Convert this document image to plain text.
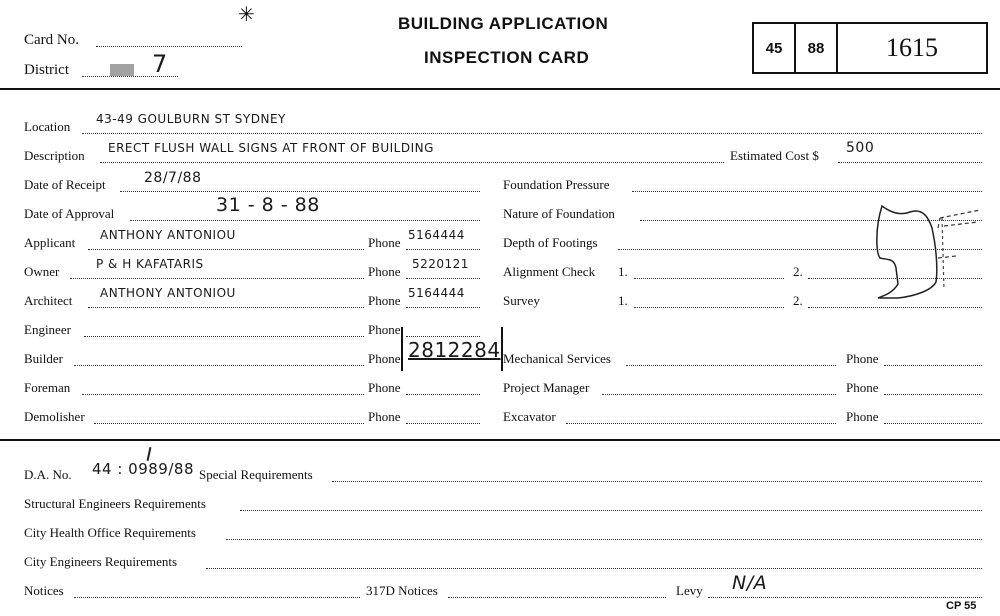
✳
Card No.
District	7
BUILDING APPLICATION
INSPECTION CARD	45	88	1615
Location 43-49 GOULBURN ST SYDNEY
Description ERECT FLUSH WALL SIGNS AT FRONT OF BUILDING	Estimated Cost $ 500
Date of Receipt	28/7/88
Date of Approval	31 - 8 - 88
Applicant ANTHONY ANTONIOU	Phone 5164444
Owner	P & H KAFATARIS	Phone 5220121
Architect ANTHONY ANTONIOU	Phone 5164444
Engineer	Phone
Builder	Phone 2812284
Foreman	Phone
Demolisher	Phone
Foundation Pressure
Nature of Foundation
Depth of Footings
Alignment Check 1.	2.
Survey	1.	2.
Mechanical Services	Phone
Project Manager	Phone
Excavator	Phone
D.A. No. 44 : 0989/88 Special Requirements
Structural Engineers Requirements
City Health Office Requirements
City Engineers Requirements
Notices	317D Notices	Levy N/A
CP 55
